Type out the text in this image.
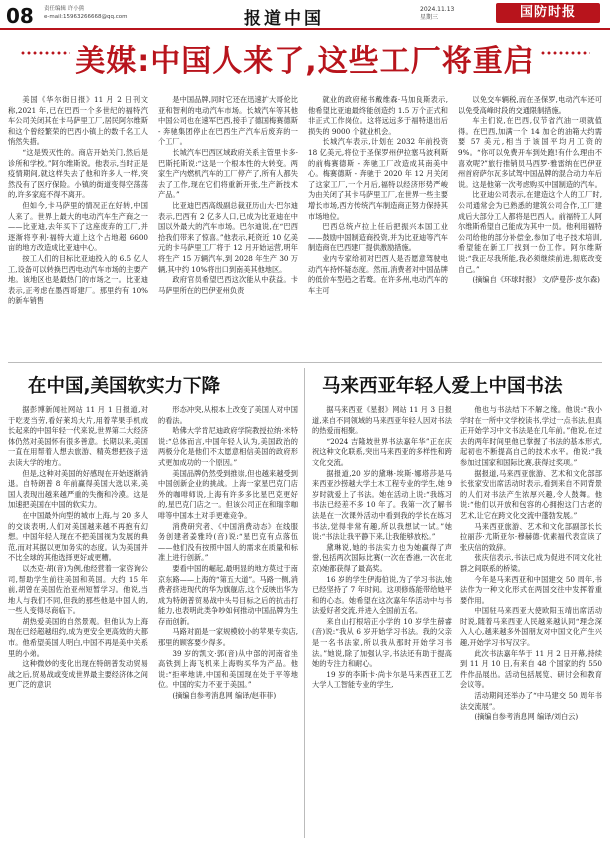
08 责任编辑 许小熊
e-mail:15963266668@qq.com	报道中国	2024.11.13
星期三	国防时报
美媒:中国人来了,这些工厂将重启

美国《华尔街日报》11 月 2 日刊文称,2021 年,已在巴西一个多世纪的福特汽车公司关闭其在卡马萨里工厂,居民阿尔维斯和这个曾经繁荣的巴西小镇上的数千名工人悄然失措。

“这是毁灭性的。商店开始关门,然后是诊所和学校。”阿尔维斯说。他表示,当时正是疫情期间,就这样失去了他和许多人一样,突然没有了医疗保险。小镇的街道变得空荡荡的,许多家庭不得不离开。

但如今,卡马萨里的情况正在好转,中国人来了。世界上最大的电动汽车生产商之一——比亚迪,去年买下了这座废弃的工厂,并逐渐将亨利·福特大道上这个占地超 6600 亩的地方改造成比亚迪中心。

按工人们的目标比亚迪投入的 6.5 亿人工,设备可以转换巴西电动汽车市场的主要产地。该地区也是最热门的市场之一。比亚迪表示,正考虑在墨西哥建厂。那里约有 10%的新车销售

是中国品牌,同时它还在迅速扩大哥伦比亚和智利的电动汽车市场。长城汽车等其他中国公司也在速军巴西,接手了德国梅赛德斯 - 奔驰集团停止在巴西生产汽车后废弃的一个工厂。

长城汽车巴西区域政府关系主管里卡多·巴斯托斯说:“这是一个根本性的大转变。两家生产内燃机汽车的工厂停产了,所有人都失去了工作,现在它们将重新开张,生产新技术产品。”

比亚迪巴西高级副总裁亚历山大·巴尔迪表示,巴西有 2 亿多人口,已成为比亚迪在中国以外最大的汽车市场。巴尔迪说,在“巴西拾我们带来了惊喜。”他表示,耗资近 10 亿美元的卡马萨里工厂将于 12 月开始运营,明年将生产 15 万辆汽车,到 2028 年生产 30 万辆,其中约 10%将出口到南美其他地区。

政府官员希望巴西这次能从中获益。卡马萨里所在的巴伊亚州负责

就业的政府秘书戴维森·马加良斯表示,他希望比亚迪最终能创造约 1.5 万个正式和非正式工作岗位。这将远远多于福特退出后损失的 9000 个就业机会。

长城汽车表示,计划在 2032 年前投资 18 亿美元,将位于圣保罗州伊拉塞马波利斯的前梅赛德斯 - 奔驰工厂改造成其南美中心。梅赛德斯 - 奔驰于 2020 年 12 月关闭了这家工厂,一个月后,福特以经济形势严峻为由关闭了其卡马萨里工厂,在世界一些主要增长市场,西方传统汽车制造商正努力保持其市场地位。

巴西总统卢拉上任后把振兴本国工业——鼓励中国制造商投资,并为比亚迪等汽车制造商在巴西建厂提供激励措施。

业内专家给初对巴西人是否愿意驾驶电动汽车持怀疑态度。然而,消费者对中国品牌的低价车型趋之若鹜。在许多州,电动汽车的车主可

以免交车辆税,而在圣保罗,电动汽车还可以免受高峰时段的交通限制措施。

车主们说,在巴西,仅节省汽油一项就值得。在巴西,加满一个 14 加仑的油箱大约需要 57 美元,相当于该国平均月工资的 9%。“你可以免费开车到处跑!有什么理由不喜欢呢?”旅行推销员马西罗·雅雷纳在巴伊亚州首府萨尔瓦多试驾中国品牌的混合动力车后说。这是他第一次考虑购买中国制造的汽车。

比亚迪公司表示,在建造这个人的工厂时,公司通常会为已熟悉的建筑公司合作,工厂建成后大部分工人都将是巴西人。前福特工人阿尔维斯希望自己能成为其中一员。他利用福特公司给他的部分补偿金,参加了电子技术培训,希望能在新工厂找到一份工作。阿尔维斯说:“我正尽我所能,我必须继续前进,彻底改变自己。”

(摘编自《环球时报》 文/萨曼莎·皮尔森)

在中国,美国软实力下降

据彭博新闻社网站 11 月 1 日报道,对于吃麦当劳,看好莱坞大片,用着苹果手机成长起来的中国年轻一代来说,世界第二大经济体仍然对美国怀有很多善意。长期以来,美国一直在用帮着人想去旅游、精英想把孩子送去读大学的地方。

但是,这种对美国的好感现在开始逐渐消退。自特朗普 8 年前赢得美国大选以来,美国人表现出越来越严重的失衡和冷漠。这是加速把美国在中国的软实力。

在中国最外向型的城市上海,与 20 多人的交谈表明,人们对美国越来越不再抱有幻想。中国年轻人现在不把美国视为发展的典范,而对其据以更加务实的态度。认为美国并不比全球的其他选择更好或更糟。

以杰克·胡(音)为例,他经营着一家咨询公司,帮助学生前往美国和英国。大约 15 年前,胡曾在美国佐治亚州短暂学习。他说,当地人与我们不同,但我的那些他是中国人的,一些人变得尽商临下。

胡热爱美国的自然景观。但他认为上海现在已经超越纽约,成为更安全更高效的大都市。他希望美国人明白,中国不再是美中关系里的小弟。

这种微妙的变化出现在特朗普发动贸易战之后,贸易战或变成世界最主要经济体之间更广泛的意识

形态冲突,从根本上改变了美国人对中国的看法。

哈佛大学肯尼迪政府学院教授拉纳·米特说:“总体而言,中国年轻人认为,美国政治的两极分化是他们不太愿意相信美国的政府形式更加成功的一个原因。”

美国品牌仍然受到推崇,但也越来越受到中国创新企业的挑战。上海一家星巴克门店外的咖啡师说,上海有许多多比星巴克更好的,星巴克门店之一。但该公司正在和瑞幸咖啡等中国本土对手更难竞争。

消费研究者、《中国消费动态》在线服务创建者姜雅玲(音)说:“星巴克有点落伍——他们没有按照中国人的需求在质量和标准上进行创新。”

要看中国的崛起,最明显的地方莫过于南京东路——上海的“第五大道”。马路一侧,消费者挤进现代的华为旗舰店,这个反映出华为成为特朗普贸易战中头号目标之后的抗击打能力,也表明此类争吵如何推动中国品牌为生存而创新。

马路对面是一家规模较小的苹果专卖店,那里的顾客要少得多。

39 岁的凯文·郭(音)从中部的河南省坐高铁到上海飞机来上海购买华为产品。他说:“拒率地讲,中国和美国现在处于平等地位。中国的实力不亚于美国。”

(摘编自参考消息网 编译/赵菲菲)

马来西亚年轻人爱上中国书法

据马来西亚《星报》网站 11 月 3 日报道,来自不同领域的马来西亚年轻人因对书法的热爱而相聚。

“2024 吉隆坡世界书法嘉年华”正在庆祝这种文化联系,突出马来西亚的多样性和跨文化交流。

据报道,20 岁的黛琳·埃斯·娜塔莎是马来西亚沙捞越大学土木工程专业的学生,她 9 岁时就爱上了书法。她在活动上说:“我练习书法已经差不多 10 年了。我第一次了解书法是在一次课外活动中看到我的学长在练习书法,觉得非常有趣,所以我想试一试。”她说:“书法让我平静下来,让我能够放松。”

黛琳说,她的书法实力也为她赢得了声誉,包括两次国际比赛(一次在香港,一次在北京)她都获得了最高奖。

16 岁的学生伊海伯说,为了学习书法,她已经坚持了 7 年时间。这项修炼能带给她平和的心态。她希望在这次嘉年华活动中与书法爱好者交流,并进入全国前五名。

来自山打根培正小学的 10 岁学生薛睿(音)说:“我从 6 岁开始学习书法。我的父亲是一名书法家,所以我从那时开始学习书法。”她说,除了加强认字,书法还有助于提高她的专注力和耐心。

19 岁的李斯卡·尚卡尔是马来西亚工艺大学人工智能专业的学生,

他也与书法结下不解之缘。他说:“我小学时在一所中文学校读书,学过一点书法,但真正开始学习中文书法是在几年前。”他说,在过去的两年时间里他已掌握了书法的基本形式,起初也不断提高自己的技术水平。他说:“我参加过国家和国际比赛,获得过奖项。”

据报道,马来西亚旅游、艺术和文化部部长张家安出席活动时表示,看到来自不同背景的人们对书法产生浓厚兴趣,令人鼓舞。他说:“他们以开放和包容的心拥抱这门古老的艺术,让它在跨文化交流中蓬勃发展。”

马来西亚旅游、艺术和文化部副部长长拉丽莎·尤斯亚尔·穆赫德·优素福代表宣读了张庆信的致辞。

张庆信表示,书法已成为促进不同文化社群之间联系的桥梁。

今年是马来西亚和中国建交 50 周年,书法作为一种文化形式在两国交往中发挥着重要作用。

中国驻马来西亚大使欧阳玉靖出席活动时说,随着马来西亚人民越来越认同“理念深入人心,越来越多外国朋友对中国文化产生兴趣,开始学习书写汉字。

此次书法嘉年华于 11 月 2 日开幕,持续到 11 月 10 日,有来自 48 个国家的约 550 件作品展出。活动包括展览、研讨会和教育会议等。

活动期间还举办了“中马建交 50 周年书法交流展”。

(摘编自参考消息网 编译/刘白云)
